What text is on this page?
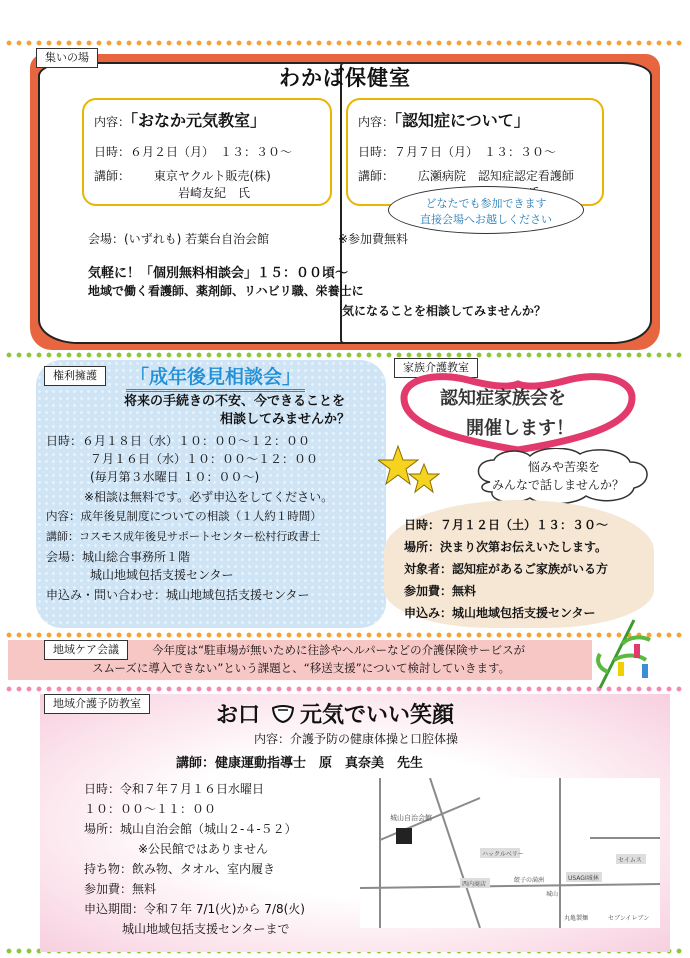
わかば保健室
内容：「おなか元気教室」
日時：６月２日（月）　１３：３０～
講師： 東京ヤクルト販売(株)
岩崎友紀　氏
内容：「認知症について」
日時：７月７日（月）　１３：３０～
講師： 広瀬病院　認知症認定看護師

会場：(いずれも) 若葉台自治会館	※参加費無料
気軽に！「個別無料相談会」１５：００頃～
地域で働く看護師、薬剤師、リハビリ職、栄養士に
気になることを相談してみませんか？
どなたでも参加できます
直接会場へお越しください
集いの場
「成年後見相談会」
将来の手続きの不安、今できることを
相談してみませんか？
日時：６月１８日（水）１０：００～１２：００
７月１６日（水）１０：００～１２：００
(毎月第３水曜日 １０：００～)
※相談は無料です。必ず申込をしてください。
内容：成年後見制度についての相談（１人約１時間）
講師：コスモス成年後見サポートセンター松村行政書士
会場：城山総合事務所１階
城山地域包括支援センター
申込み・問い合わせ：城山地域包括支援センター
権利擁護
家族介護教室
認知症家族会を
開催します！
悩みや苦楽を
みんなで話しませんか？
日時：７月１２日（土）１３：３０～
場所：決まり次第お伝えいたします。
対象者：認知症があるご家族がいる方
参加費：無料
申込み：城山地域包括支援センター
地域ケア会議	今年度は“駐車場が無いために往診やヘルパーなどの介護保険サービスが
スムーズに導入できない”という課題と、“移送支援”について検討していきます。
地域介護予防教室	お口 元気でいい笑顔
内容：介護予防の健康体操と口腔体操
講師：健康運動指導士　原　真奈美　先生
日時：令和７年７月１６日水曜日
１０：００～１１：００
場所：城山自治会館（城山２-４-５２）
※公民館ではありません
持ち物：飲み物、タオル、室内履き
参加費：無料
申込期間：令和７年 7/1(火)から 7/8(火)
城山地域包括支援センターまで
城山自治会館
ハックルベリー
西内商店
餃子の満洲	USAGI城林
セイムス
城山
丸亀製麺	セブンイレブン
